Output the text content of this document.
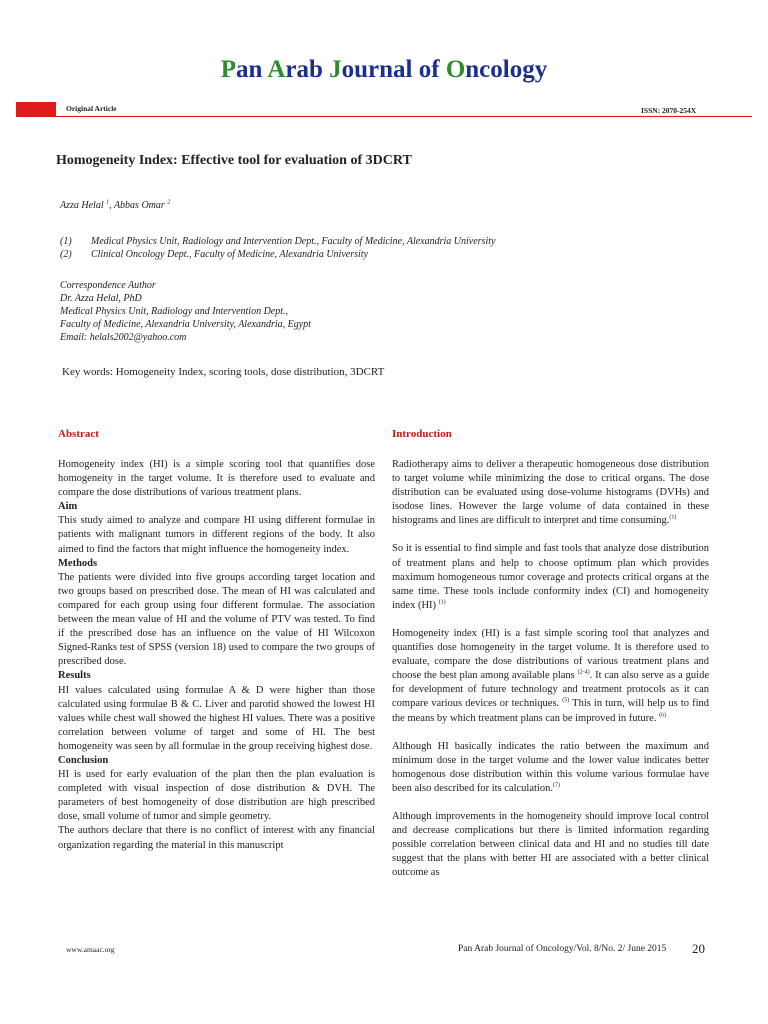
Pan Arab Journal of Oncology
Original Article	ISSN: 2070-254X
Homogeneity Index: Effective tool for evaluation of 3DCRT
Azza Helal $^1$, Abbas Omar $^2$
(1)	Medical Physics Unit, Radiology and Intervention Dept., Faculty of Medicine, Alexandria University
(2)	Clinical Oncology Dept., Faculty of Medicine, Alexandria University
Correspondence Author
Dr. Azza Helal, PhD
Medical Physics Unit, Radiology and Intervention Dept.,
Faculty of Medicine, Alexandria University, Alexandria, Egypt
Email: helals2002@yahoo.com
Key words: Homogeneity Index, scoring tools, dose distribution, 3DCRT
Abstract	Introduction

Homogeneity index (HI) is a simple scoring tool that quantifies dose homogeneity in the target volume. It is therefore used to evaluate and compare the dose distributions of various treatment plans.

Aim

This study aimed to analyze and compare HI using different formulae in patients with malignant tumors in different regions of the body. It also aimed to find the factors that might influence the homogeneity index.

Methods

The patients were divided into five groups according target location and two groups based on prescribed dose. The mean of HI was calculated and compared for each group using four different formulae. The association between the mean value of HI and the volume of PTV was tested. To find if the prescribed dose has an influence on the value of HI Wilcoxon Signed-Ranks test of SPSS (version 18) used to compare the two groups of prescribed dose.

Results

HI values calculated using formulae A & D were higher than those calculated using formulae B & C. Liver and parotid showed the lowest HI values while chest wall showed the highest HI values. There was a positive correlation between volume of target and some of HI. The best homogeneity was seen by all formulae in the group receiving highest dose.

Conclusion

HI is used for early evaluation of the plan then the plan evaluation is completed with visual inspection of dose distribution & DVH. The parameters of best homogeneity of dose distribution are high prescribed dose, small volume of tumor and simple geometry.

The authors declare that there is no conflict of interest with any financial organization regarding the material in this manuscript

Radiotherapy aims to deliver a therapeutic homogeneous dose distribution to target volume while minimizing the dose to critical organs. The dose distribution can be evaluated using dose-volume histograms (DVHs) and isodose lines. However the large volume of data contained in these histograms and lines are difficult to interpret and time consuming.$^{(1)}$

So it is essential to find simple and fast tools that analyze dose distribution of treatment plans and help to choose optimum plan which provides maximum homogeneous tumor coverage and protects critical organs at the same time. These tools include conformity index (CI) and homogeneity index (HI) $^{(1)}$

Homogeneity index (HI) is a fast simple scoring tool that analyzes and quantifies dose homogeneity in the target volume. It is therefore used to evaluate, compare the dose distributions of various treatment plans and choose the best plan among available plans $^{(2-4)}$. It can also serve as a guide for development of future technology and treatment protocols as it can compare various devices or techniques. $^{(5)}$ This in turn, will help us to find the means by which treatment plans can be improved in future. $^{(6)}$

Although HI basically indicates the ratio between the maximum and minimum dose in the target volume and the lower value indicates better homogenous dose distribution within this volume various formulae have been also described for its calculation.$^{(7)}$

Although improvements in the homogeneity should improve local control and decrease complications but there is limited information regarding possible correlation between clinical data and HI and no studies till date suggest that the plans with better HI are associated with a better clinical outcome as

www.amaac.org	Pan Arab Journal of Oncology/Vol. 8/No. 2/ June 2015 20
